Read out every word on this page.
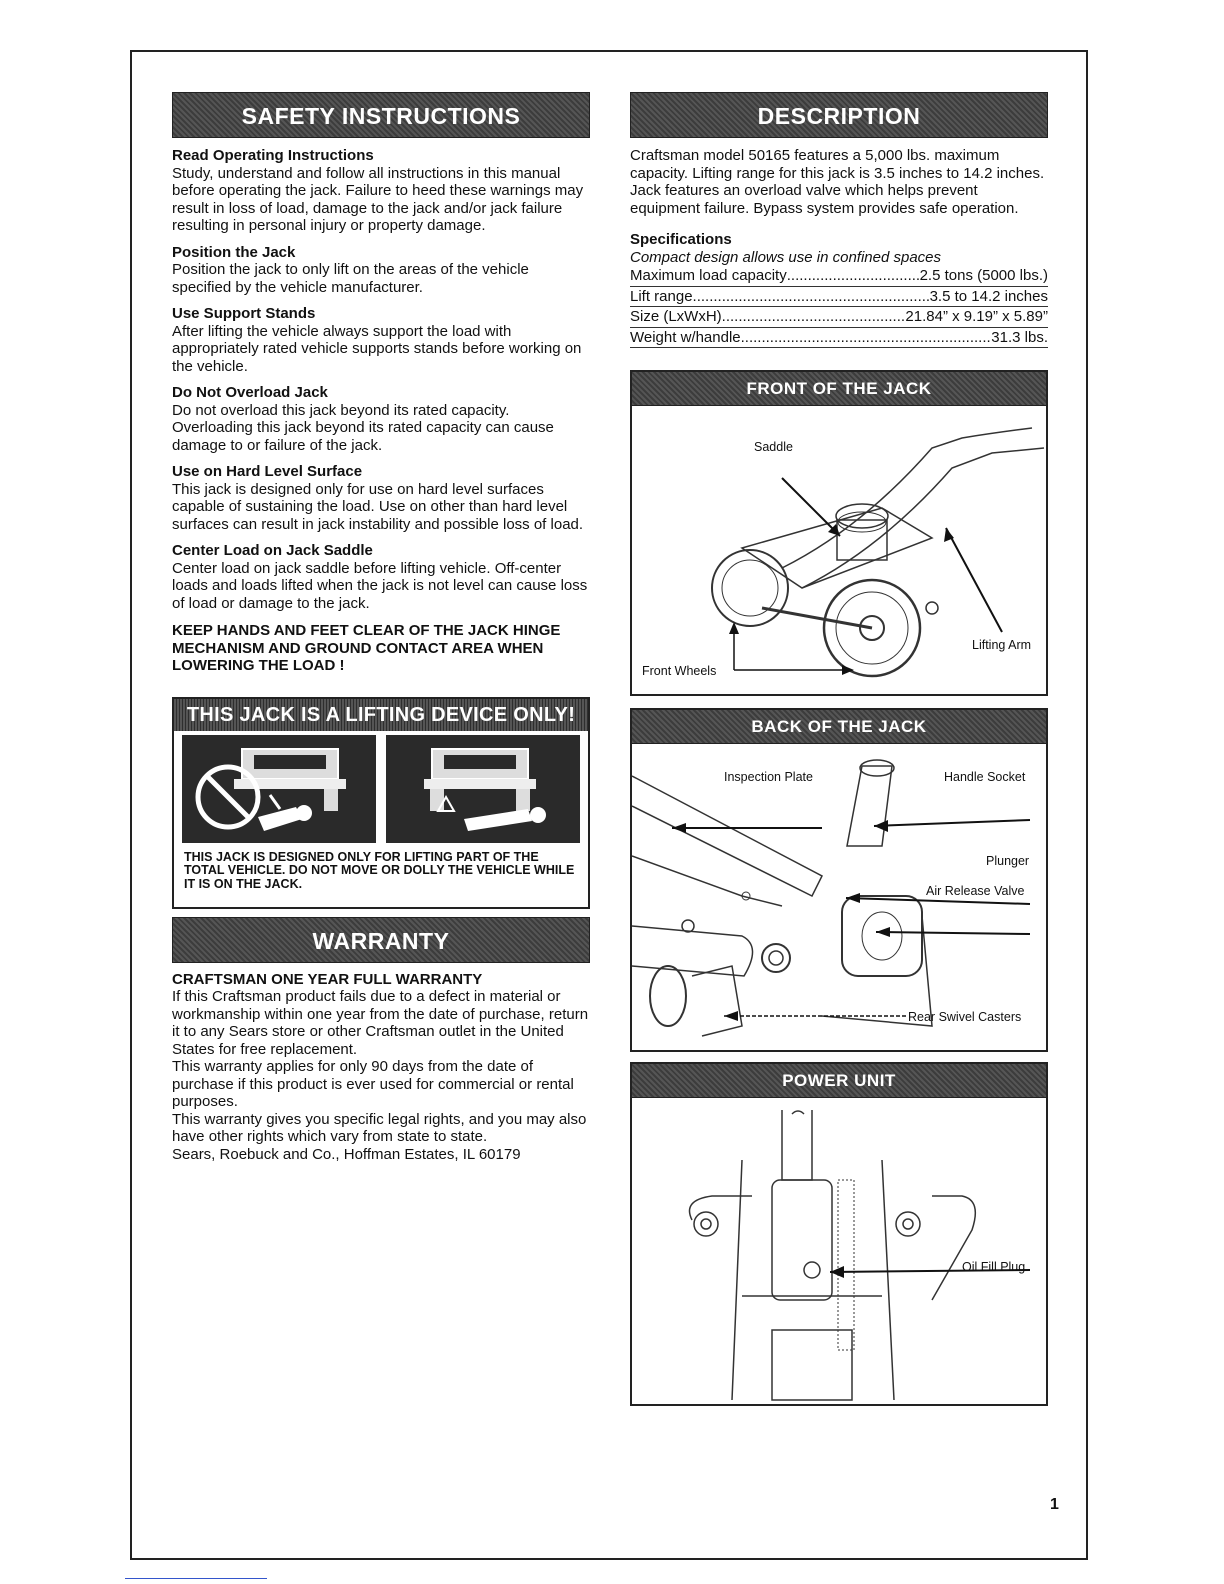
SAFETY INSTRUCTIONS

Read Operating Instructions

Study, understand and follow all instructions in this manual before operating the jack. Failure to heed these warnings may result in loss of load, damage to the jack and/or jack failure resulting in personal injury or property damage.

Position the Jack

Position the jack to only lift on the areas of the vehicle specified by the vehicle manufacturer.

Use Support Stands

After lifting the vehicle always support the load with appropriately rated vehicle supports stands before working on the vehicle.

Do Not Overload Jack

Do not overload this jack beyond its rated capacity. Overloading this jack beyond its rated capacity can cause damage to or failure of the jack.

Use on Hard Level Surface

This jack is designed only for use on hard level surfaces capable of sustaining the load. Use on other than hard level surfaces can result in jack instability and possible loss of load.

Center Load on Jack Saddle

Center load on jack saddle before lifting vehicle. Off-center loads and loads lifted when the jack is not level can cause loss of load or damage to the jack.

KEEP HANDS AND FEET CLEAR OF THE JACK HINGE MECHANISM AND GROUND CONTACT AREA WHEN LOWERING THE LOAD !

THIS JACK IS A LIFTING DEVICE ONLY!
THIS JACK IS DESIGNED ONLY FOR LIFTING PART OF THE TOTAL VEHICLE. DO NOT MOVE OR DOLLY THE VEHICLE WHILE IT IS ON THE JACK.
WARRANTY

CRAFTSMAN ONE YEAR FULL WARRANTY

If this Craftsman product fails due to a defect in material or workmanship within one year from the date of purchase, return it to any Sears store or other Craftsman outlet in the United States for free replacement.

This warranty applies for only 90 days from the date of purchase if this product is ever used for commercial or rental purposes.

This warranty gives you specific legal rights, and you may also have other rights which vary from state to state.

Sears, Roebuck and Co., Hoffman Estates, IL 60179

DESCRIPTION

Craftsman model 50165 features a 5,000 lbs. maximum capacity. Lifting range for this jack is 3.5 inches to 14.2 inches. Jack features an overload valve which helps prevent equipment failure. Bypass system provides safe operation.

Specifications

Compact design allows use in confined spaces

Maximum load capacity .....	2.5 tons (5000 lbs.)
Lift range .....	3.5 to 14.2 inches
Size (LxWxH) .....	21.84” x 9.19” x 5.89”
Weight w/handle .....	31.3 lbs.
FRONT OF THE JACK
Saddle
Lifting Arm
Front Wheels
BACK OF THE JACK
Inspection Plate	Handle Socket
Plunger
Air Release Valve
Rear Swivel Casters
POWER UNIT
Oil Fill Plug
1
